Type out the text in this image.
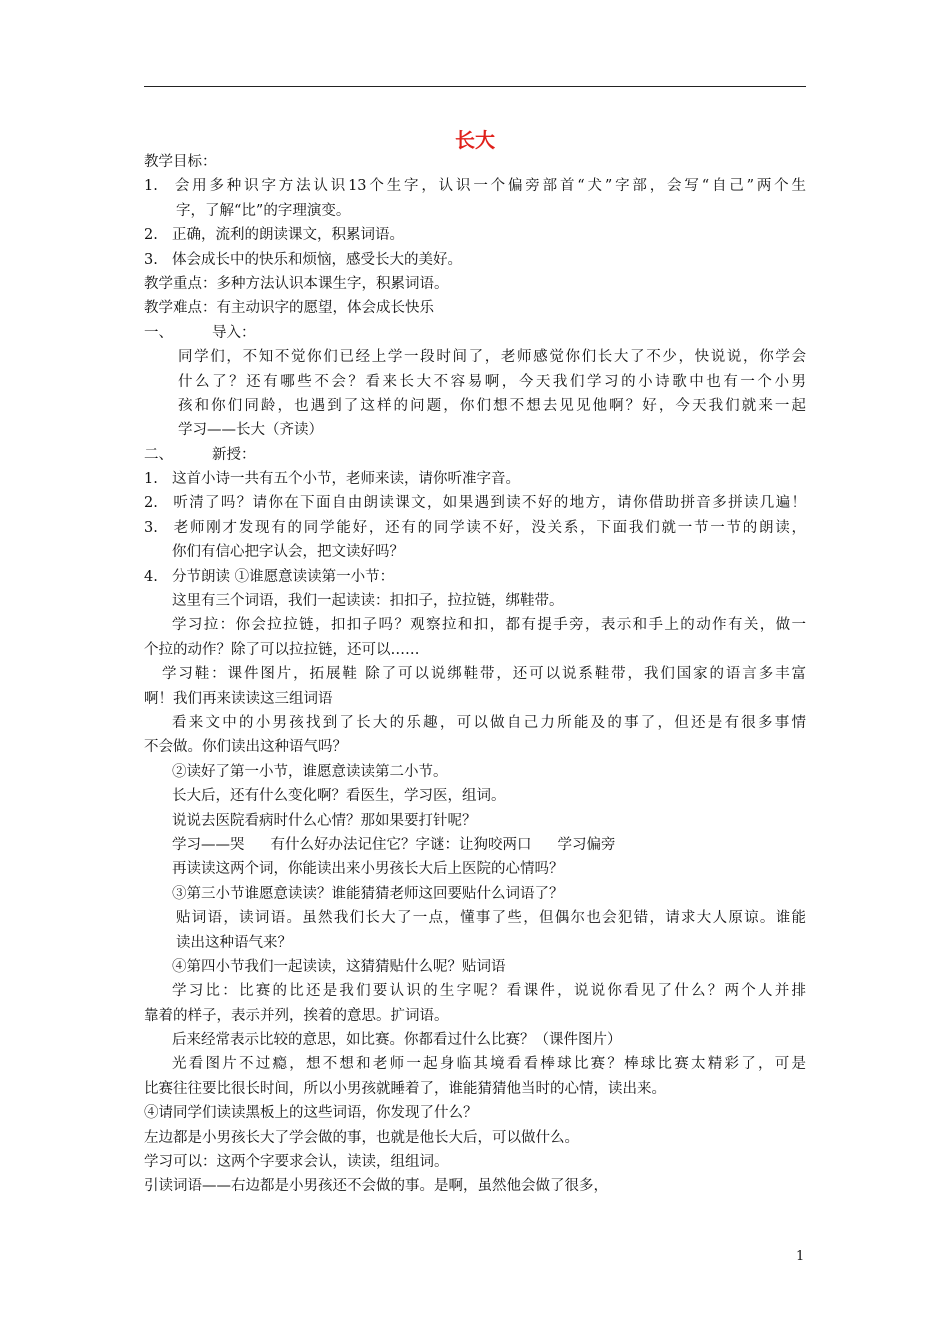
长大
教学目标：
1. 会用多种识字方法认识13个生字，认识一个偏旁部首“犬”字部，会写“自己”两个生
字，了解“比”的字理演变。
2. 正确，流利的朗读课文，积累词语。
3. 体会成长中的快乐和烦恼，感受长大的美好。
教学重点：多种方法认识本课生字，积累词语。
教学难点：有主动识字的愿望，体会成长快乐
一、	导入：
同学们，不知不觉你们已经上学一段时间了，老师感觉你们长大了不少，快说说，你学会
什么了？还有哪些不会？看来长大不容易啊，今天我们学习的小诗歌中也有一个小男
孩和你们同龄，也遇到了这样的问题，你们想不想去见见他啊？好，今天我们就来一起
学习——长大（齐读）
二、	新授：
1. 这首小诗一共有五个小节，老师来读，请你听准字音。
2. 听清了吗？请你在下面自由朗读课文，如果遇到读不好的地方，请你借助拼音多拼读几遍！
3. 老师刚才发现有的同学能好，还有的同学读不好，没关系，下面我们就一节一节的朗读，
你们有信心把字认会，把文读好吗？
4. 分节朗读 ①谁愿意读读第一小节：
这里有三个词语，我们一起读读：扣扣子，拉拉链，绑鞋带。
学习拉：你会拉拉链，扣扣子吗？观察拉和扣，都有提手旁，表示和手上的动作有关，做一
个拉的动作？除了可以拉拉链，还可以……
学习鞋：课件图片，拓展鞋 除了可以说绑鞋带，还可以说系鞋带，我们国家的语言多丰富
啊！我们再来读读这三组词语
看来文中的小男孩找到了长大的乐趣，可以做自己力所能及的事了，但还是有很多事情
不会做。你们读出这种语气吗？
②读好了第一小节，谁愿意读读第二小节。
长大后，还有什么变化啊？看医生，学习医，组词。
说说去医院看病时什么心情？那如果要打针呢？
学习——哭 有什么好办法记住它？字谜：让狗咬两口 学习偏旁
再读读这两个词，你能读出来小男孩长大后上医院的心情吗？
③第三小节谁愿意读读？谁能猜猜老师这回要贴什么词语了？
贴词语，读词语。虽然我们长大了一点，懂事了些，但偶尔也会犯错，请求大人原谅。谁能
读出这种语气来？
④第四小节我们一起读读，这猜猜贴什么呢？贴词语
学习比：比赛的比还是我们要认识的生字呢？看课件，说说你看见了什么？两个人并排
靠着的样子，表示并列，挨着的意思。扩词语。
后来经常表示比较的意思，如比赛。你都看过什么比赛？（课件图片）
光看图片不过瘾，想不想和老师一起身临其境看看棒球比赛？棒球比赛太精彩了，可是
比赛往往要比很长时间，所以小男孩就睡着了，谁能猜猜他当时的心情，读出来。
④请同学们读读黑板上的这些词语，你发现了什么？
左边都是小男孩长大了学会做的事，也就是他长大后，可以做什么。
学习可以：这两个字要求会认，读读，组组词。
引读词语——右边都是小男孩还不会做的事。是啊，虽然他会做了很多，
1
